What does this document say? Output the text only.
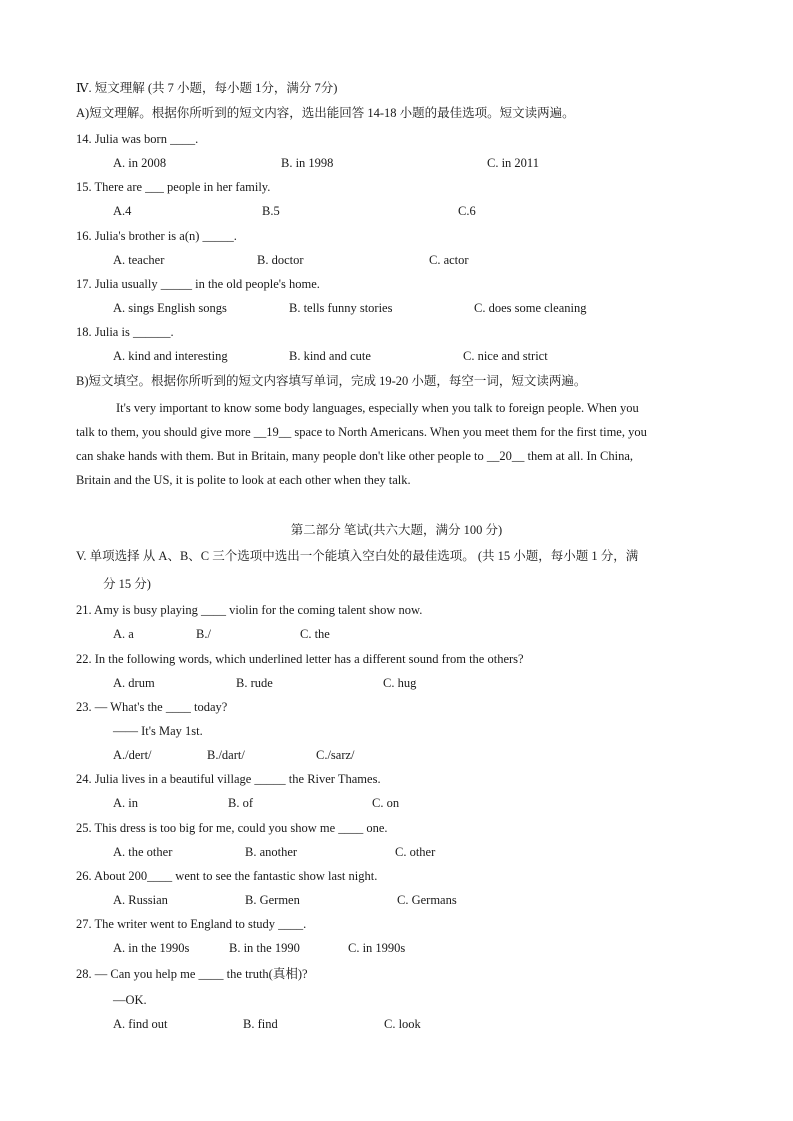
Ⅳ. 短文理解 (共 7 小题，每小题 1分，满分 7分)
A)短文理解。根据你所听到的短文内容，选出能回答 14-18 小题的最佳选项。短文读两遍。
14. Julia was born ____.
A. in 2008	B. in 1998	C. in 2011
15. There are ___ people in her family.
A.4	B.5	C.6
16. Julia's brother is a(n) _____.
A. teacher	B. doctor	C. actor
17. Julia usually _____ in the old people's home.
A. sings English songs	B. tells funny stories	C. does some cleaning
18. Julia is ______.
A. kind and interesting	B. kind and cute	C. nice and strict
B)短文填空。根据你所听到的短文内容填写单词，完成 19-20 小题，每空一词，短文读两遍。
It's very important to know some body languages, especially when you talk to foreign people. When you
talk to them, you should give more __19__ space to North Americans. When you meet them for the first time, you
can shake hands with them. But in Britain, many people don't like other people to __20__ them at all. In China,
Britain and the US, it is polite to look at each other when they talk.
第二部分 笔试(共六大题，满分 100 分)
V. 单项选择 从 A、B、C 三个选项中选出一个能填入空白处的最佳选项。 (共 15 小题，每小题 1 分，满
分 15 分)
21. Amy is busy playing ____ violin for the coming talent show now.
A. a	B./	C. the
22. In the following words, which underlined letter has a different sound from the others?
A. drum	B. rude	C. hug
23. — What's the ____ today?
—— It's May 1st.
A./dert/	B./dart/	C./sarz/
24. Julia lives in a beautiful village _____ the River Thames.
A. in	B. of	C. on
25. This dress is too big for me, could you show me ____ one.
A. the other	B. another	C. other
26. About 200____ went to see the fantastic show last night.
A. Russian	B. Germen	C. Germans
27. The writer went to England to study ____.
A. in the 1990s	B. in the 1990	C. in 1990s
28. — Can you help me ____ the truth(真相)?
—OK.
A. find out	B. find	C. look
